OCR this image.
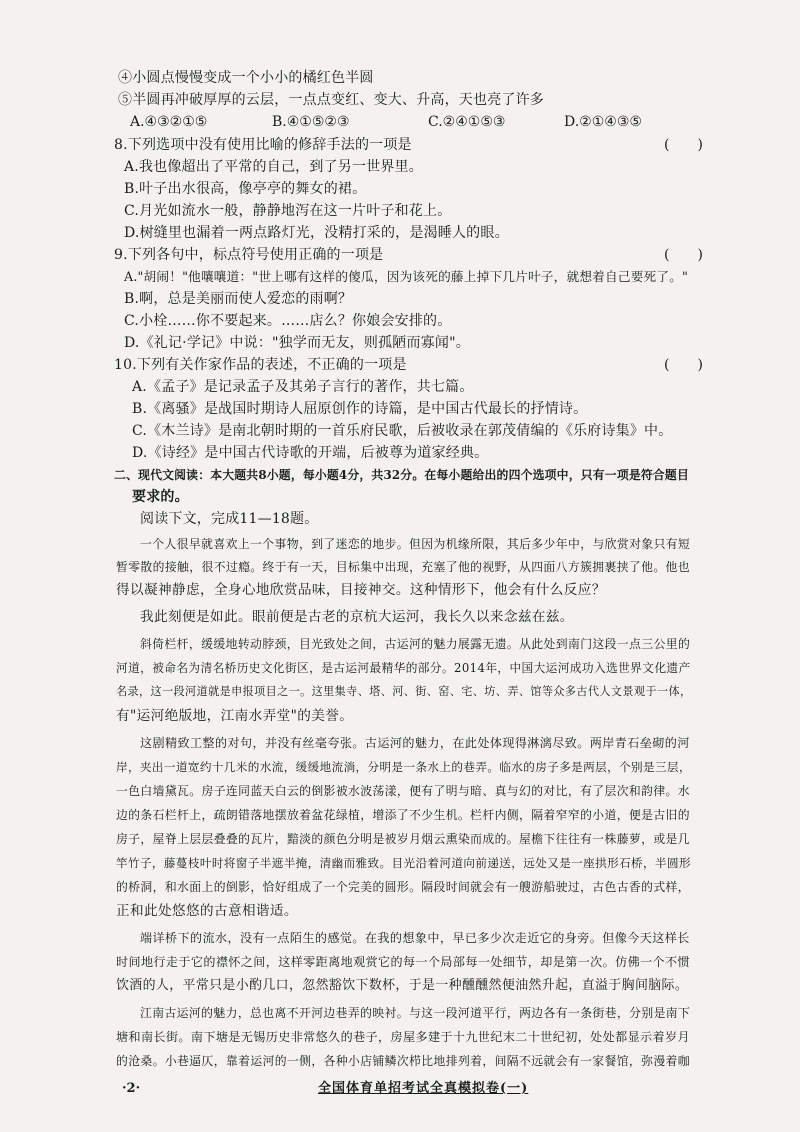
④小圆点慢慢变成一个小小的橘红色半圆
⑤半圆再冲破厚厚的云层，一点点变红、变大、升高，天也亮了许多
A.④③②①⑤	B.④①⑤②③	C.②④①⑤③	D.②①④③⑤
8.下列选项中没有使用比喻的修辞手法的一项是	(　　)
A.我也像超出了平常的自己，到了另一世界里。
B.叶子出水很高，像亭亭的舞女的裙。
C.月光如流水一般，静静地泻在这一片叶子和花上。
D.树缝里也漏着一两点路灯光，没精打采的，是渴睡人的眼。
9.下列各句中，标点符号使用正确的一项是	(　　)
A."胡闹！"他嚷嚷道："世上哪有这样的傻瓜，因为该死的藤上掉下几片叶子，就想着自己要死了。"
B.啊，总是美丽而使人爱恋的雨啊？
C.小栓……你不要起来。……店么？你娘会安排的。
D.《礼记·学记》中说："独学而无友，则孤陋而寡闻"。
10.下列有关作家作品的表述，不正确的一项是	(　　)
A.《孟子》是记录孟子及其弟子言行的著作，共七篇。
B.《离骚》是战国时期诗人屈原创作的诗篇，是中国古代最长的抒情诗。
C.《木兰诗》是南北朝时期的一首乐府民歌，后被收录在郭茂倩编的《乐府诗集》中。
D.《诗经》是中国古代诗歌的开端，后被尊为道家经典。
二、现代文阅读：本大题共8小题，每小题4分，共32分。在每小题给出的四个选项中，只有一项是符合题目
要求的。
阅读下文，完成11—18题。
一个人很早就喜欢上一个事物，到了迷恋的地步。但因为机缘所限，其后多少年中，与欣赏对象只有短
暂零散的接触，很不过瘾。终于有一天，目标集中出现，充塞了他的视野，从四面八方簇拥裹挟了他。他也
得以凝神静虑，全身心地欣赏品味，目接神交。这种情形下，他会有什么反应？
我此刻便是如此。眼前便是古老的京杭大运河，我长久以来念兹在兹。
斜倚栏杆，缓缓地转动脖颈，目光致处之间，古运河的魅力展露无遗。从此处到南门这段一点三公里的
河道，被命名为清名桥历史文化街区，是古运河最精华的部分。2014年，中国大运河成功入选世界文化遗产
名录，这一段河道就是申报项目之一。这里集寺、塔、河、街、窑、宅、坊、弄、馆等众多古代人文景观于一体，
有"运河绝版地，江南水弄堂"的美誉。
这剧精致工整的对句，并没有丝毫夸张。古运河的魅力，在此处体现得淋漓尽致。两岸青石垒砌的河
岸，夹出一道宽约十几米的水流，缓缓地流淌，分明是一条水上的巷弄。临水的房子多是两层，个别是三层，
一色白墙黛瓦。房子连同蓝天白云的倒影被水波荡漾，便有了明与暗、真与幻的对比，有了层次和韵律。水
边的条石栏杆上，疏朗错落地摆放着盆花绿植，增添了不少生机。栏杆内侧，隔着窄窄的小道，便是古旧的
房子，屋脊上层层叠叠的瓦片，黯淡的颜色分明是被岁月烟云熏染而成的。屋檐下往往有一株藤萝，或是几
竿竹子，藤蔓枝叶时将窗子半遮半掩，清幽而雅致。目光沿着河道向前递送，远处又是一座拱形石桥，半圆形
的桥洞，和水面上的倒影，恰好组成了一个完美的圆形。隔段时间就会有一艘游船驶过，古色古香的式样，
正和此处悠悠的古意相谐适。
端详桥下的流水，没有一点陌生的感觉。在我的想象中，早已多少次走近它的身旁。但像今天这样长
时间地行走于它的襟怀之间，这样零距离地观赏它的每一个局部每一处细节，却是第一次。仿佛一个不惯
饮酒的人，平常只是小酌几口，忽然豁饮下数杯，于是一种醺醺然便油然升起，直溢于胸间脑际。
江南古运河的魅力，总也离不开河边巷弄的映衬。与这一段河道平行，两边各有一条街巷，分别是南下
塘和南长街。南下塘是无锡历史非常悠久的巷子，房屋多建于十九世纪末二十世纪初，处处都显示着岁月
的沧桑。小巷逼仄，靠着运河的一侧，各种小店铺鳞次栉比地排列着，间隔不远就会有一家餐馆，弥漫着咖
·2·	全国体育单招考试全真模拟卷(一)
